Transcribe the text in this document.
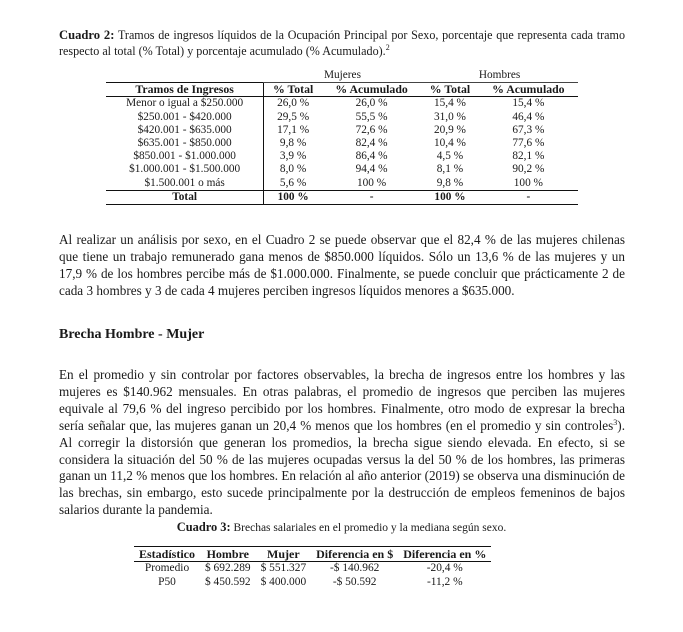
Cuadro 2: Tramos de ingresos líquidos de la Ocupación Principal por Sexo, porcentaje que representa cada tramo respecto al total (% Total) y porcentaje acumulado (% Acumulado).$^2$
	Mujeres		Hombres	
Tramos de Ingresos	% Total	% Acumulado	% Total	% Acumulado
Menor o igual a $250.000	26,0 %	26,0 %	15,4 %	15,4 %
$250.001 - $420.000	29,5 %	55,5 %	31,0 %	46,4 %
$420.001 - $635.000	17,1 %	72,6 %	20,9 %	67,3 %
$635.001 - $850.000	9,8 %	82,4 %	10,4 %	77,6 %
$850.001 - $1.000.000	3,9 %	86,4 %	4,5 %	82,1 %
$1.000.001 - $1.500.000	8,0 %	94,4 %	8,1 %	90,2 %
$1.500.001 o más	5,6 %	100 %	9,8 %	100 %
Total	100 %	-	100 %	-

Al realizar un análisis por sexo, en el Cuadro 2 se puede observar que el 82,4 % de las mujeres chilenas que tiene un trabajo remunerado gana menos de $850.000 líquidos. Sólo un 13,6 % de las mujeres y un 17,9 % de los hombres percibe más de $1.000.000. Finalmente, se puede concluir que prácticamente 2 de cada 3 hombres y 3 de cada 4 mujeres perciben ingresos líquidos menores a $635.000.

Brecha Hombre - Mujer

En el promedio y sin controlar por factores observables, la brecha de ingresos entre los hombres y las mujeres es $140.962 mensuales. En otras palabras, el promedio de ingresos que perciben las mujeres equivale al 79,6 % del ingreso percibido por los hombres. Finalmente, otro modo de expresar la brecha sería señalar que, las mujeres ganan un 20,4 % menos que los hombres (en el promedio y sin controles$^3$). Al corregir la distorsión que generan los promedios, la brecha sigue siendo elevada. En efecto, si se considera la situación del 50 % de las mujeres ocupadas versus la del 50 % de los hombres, las primeras ganan un 11,2 % menos que los hombres. En relación al año anterior (2019) se observa una disminución de las brechas, sin embargo, esto sucede principalmente por la destrucción de empleos femeninos de bajos salarios durante la pandemia.

Cuadro 3: Brechas salariales en el promedio y la mediana según sexo.
Estadístico	Hombre	Mujer	Diferencia en $	Diferencia en %
Promedio	$ 692.289	$ 551.327	-$ 140.962	-20,4 %
P50	$ 450.592	$ 400.000	-$ 50.592	-11,2 %
